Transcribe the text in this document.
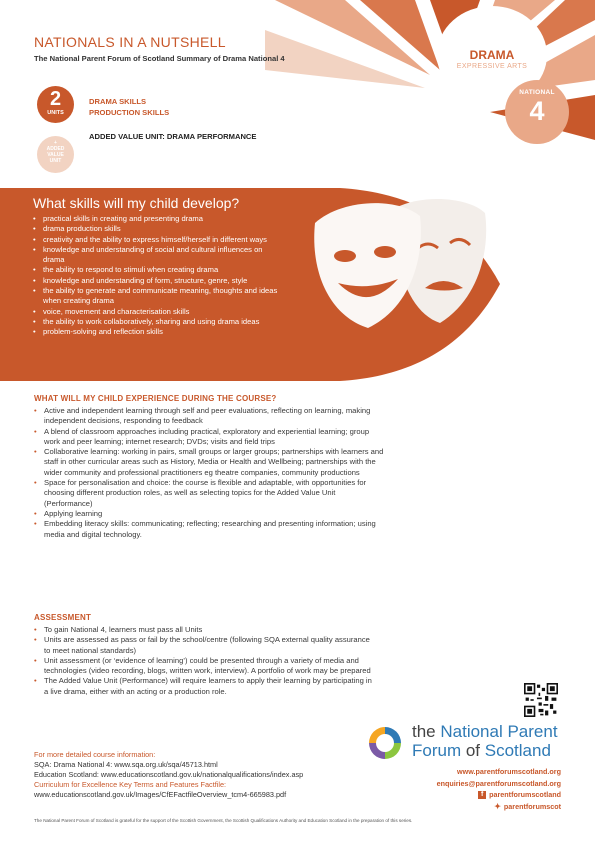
NATIONALS IN A NUTSHELL
The National Parent Forum of Scotland Summary of Drama National 4	DRAMA
EXPRESSIVE ARTS
NATIONAL
4
2
UNITS
DRAMA SKILLS
PRODUCTION SKILLS
+
ADDED
VALUE
UNIT
ADDED VALUE UNIT: DRAMA PERFORMANCE
What skills will my child develop?
• practical skills in creating and presenting drama
• drama production skills
• creativity and the ability to express himself/herself in different ways
• knowledge and understanding of social and cultural influences on drama
• the ability to respond to stimuli when creating drama
• knowledge and understanding of form, structure, genre, style
• the ability to generate and communicate meaning, thoughts and ideas when creating drama
• voice, movement and characterisation skills
• the ability to work collaboratively, sharing and using drama ideas
• problem-solving and reflection skills
WHAT WILL MY CHILD EXPERIENCE DURING THE COURSE?
• Active and independent learning through self and peer evaluations, reflecting on learning, making independent decisions, responding to feedback
• A blend of classroom approaches including practical, exploratory and experiential learning; group work and peer learning; internet research; DVDs; visits and field trips
• Collaborative learning: working in pairs, small groups or larger groups; partnerships with learners and staff in other curricular areas such as History, Media or Health and Wellbeing; partnerships with the wider community and professional practitioners eg theatre companies, community productions
• Space for personalisation and choice: the course is flexible and adaptable, with opportunities for choosing different production roles, as well as selecting topics for the Added Value Unit (Performance)
• Applying learning
• Embedding literacy skills: communicating; reflecting; researching and presenting information; using media and digital technology.
ASSESSMENT
• To gain National 4, learners must pass all Units
• Units are assessed as pass or fail by the school/centre (following SQA external quality assurance to meet national standards)
• Unit assessment (or ‘evidence of learning’) could be presented through a variety of media and technologies (video recording, blogs, written work, interview). A portfolio of work may be prepared
• The Added Value Unit (Performance) will require learners to apply their learning by participating in a live drama, either with an acting or a production role.
For more detailed course information:
SQA: Drama National 4: www.sqa.org.uk/sqa/45713.html
Education Scotland: www.educationscotland.gov.uk/nationalqualifications/index.asp
Curriculum for Excellence Key Terms and Features Factfile:
www.educationscotland.gov.uk/Images/CfEFactfileOverview_tcm4-665983.pdf
the National Parent
Forum of Scotland
www.parentforumscotland.org
enquiries@parentforumscotland.org
f parentforumscotland
✦ parentforumscot
The National Parent Forum of Scotland is grateful for the support of the Scottish Government, the Scottish Qualifications Authority and Education Scotland in the preparation of this series.
